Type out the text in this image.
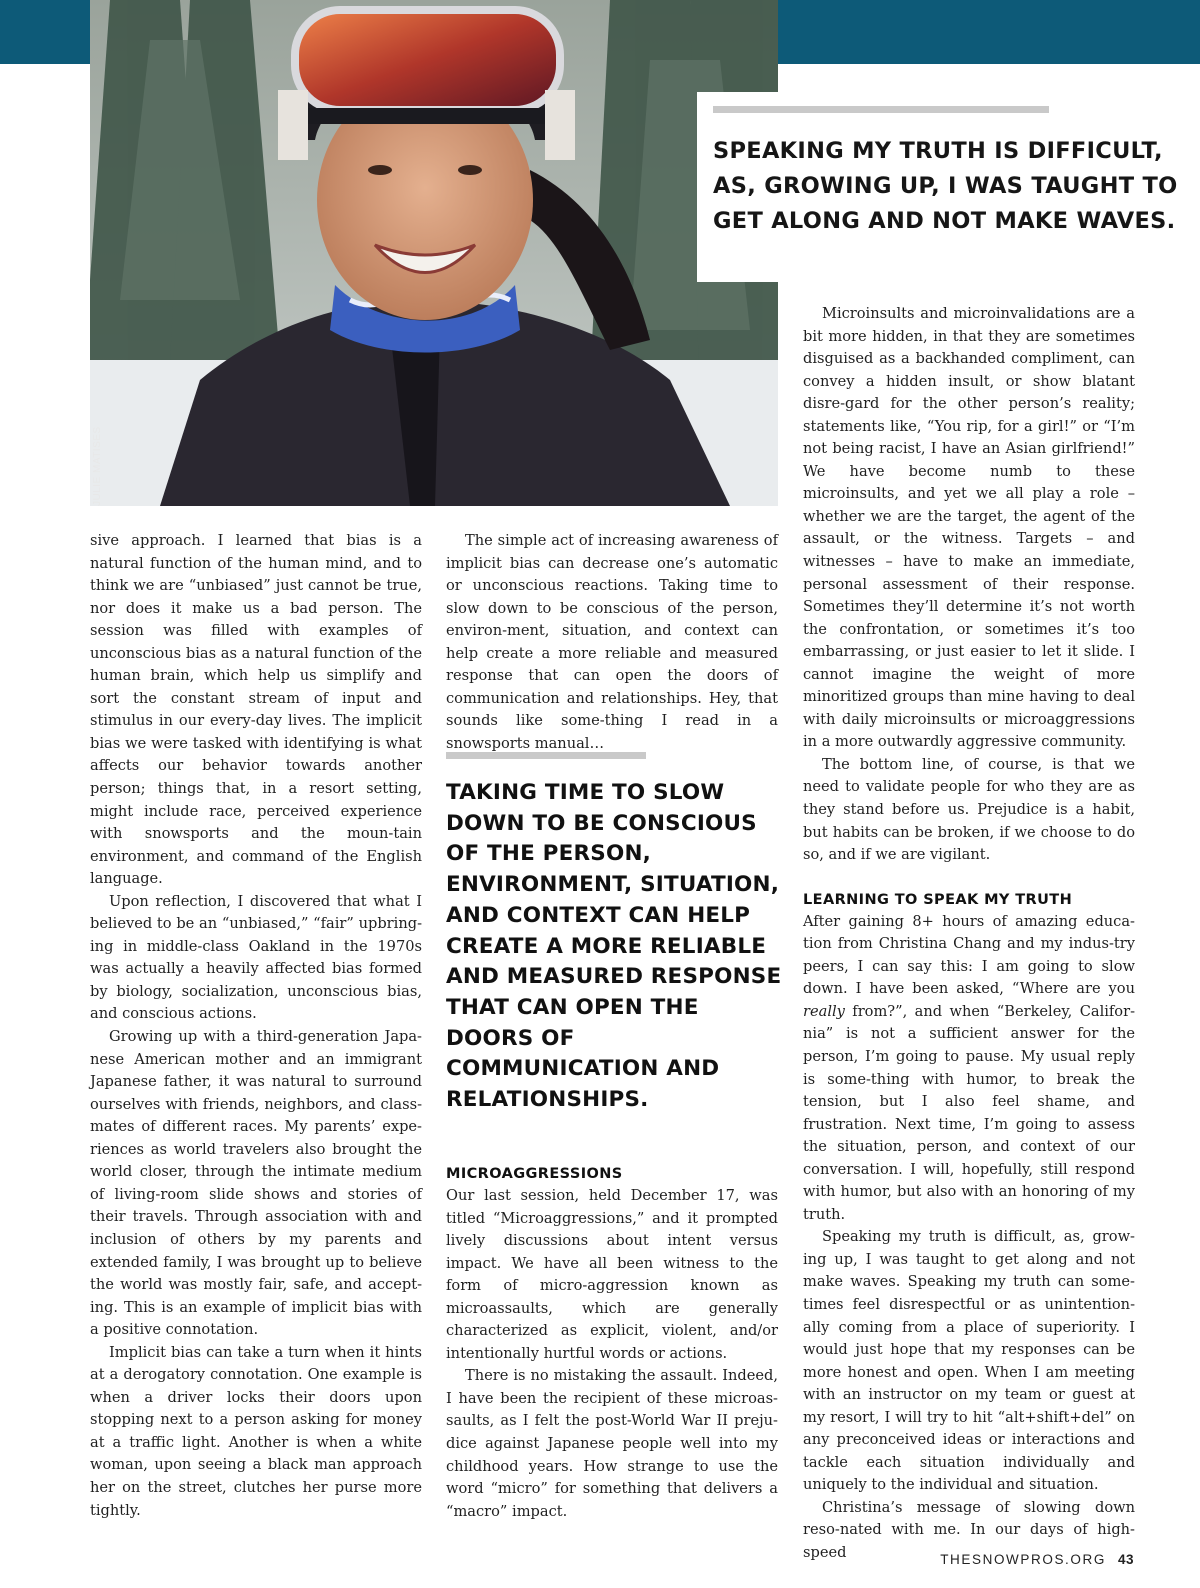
JULIE MATISES
SPEAKING MY TRUTH IS DIFFICULT, AS, GROWING UP, I WAS TAUGHT TO GET ALONG AND NOT MAKE WAVES.

sive approach. I learned that bias is a natural function of the human mind, and to think we are “unbiased” just cannot be true, nor does it make us a bad person. The session was filled with examples of unconscious bias as a natural function of the human brain, which help us simplify and sort the constant stream of input and stimulus in our every-day lives. The implicit bias we were tasked with identifying is what affects our behavior towards another person; things that, in a resort setting, might include race, perceived experience with snowsports and the moun-tain environment, and command of the English language.

Upon reflection, I discovered that what I believed to be an “unbiased,” “fair” upbring-ing in middle-class Oakland in the 1970s was actually a heavily affected bias formed by biology, socialization, unconscious bias, and conscious actions.

Growing up with a third-generation Japa-nese American mother and an immigrant Japanese father, it was natural to surround ourselves with friends, neighbors, and class-mates of different races. My parents’ expe-riences as world travelers also brought the world closer, through the intimate medium of living-room slide shows and stories of their travels. Through association with and inclusion of others by my parents and extended family, I was brought up to believe the world was mostly fair, safe, and accept-ing. This is an example of implicit bias with a positive connotation.

Implicit bias can take a turn when it hints at a derogatory connotation. One example is when a driver locks their doors upon stopping next to a person asking for money at a traffic light. Another is when a white woman, upon seeing a black man approach her on the street, clutches her purse more tightly.

The simple act of increasing awareness of implicit bias can decrease one’s automatic or unconscious reactions. Taking time to slow down to be conscious of the person, environ-ment, situation, and context can help create a more reliable and measured response that can open the doors of communication and relationships. Hey, that sounds like some-thing I read in a snowsports manual…

MICROAGGRESSIONS

Our last session, held December 17, was titled “Microaggressions,” and it prompted lively discussions about intent versus impact. We have all been witness to the form of micro-aggression known as microassaults, which are generally characterized as explicit, violent, and/or intentionally hurtful words or actions.

There is no mistaking the assault. Indeed, I have been the recipient of these microas-saults, as I felt the post-World War II preju-dice against Japanese people well into my childhood years. How strange to use the word “micro” for something that delivers a “macro” impact.

TAKING TIME TO SLOW DOWN TO BE CONSCIOUS OF THE PERSON, ENVIRONMENT, SITUATION, AND CONTEXT CAN HELP CREATE A MORE RELIABLE AND MEASURED RESPONSE THAT CAN OPEN THE DOORS OF COMMUNICATION AND RELATIONSHIPS.

Microinsults and microinvalidations are a bit more hidden, in that they are sometimes disguised as a backhanded compliment, can convey a hidden insult, or show blatant disre-gard for the other person’s reality; statements like, “You rip, for a girl!” or “I’m not being racist, I have an Asian girlfriend!” We have become numb to these microinsults, and yet we all play a role – whether we are the target, the agent of the assault, or the witness. Targets – and witnesses – have to make an immediate, personal assessment of their response. Sometimes they’ll determine it’s not worth the confrontation, or sometimes it’s too embarrassing, or just easier to let it slide. I cannot imagine the weight of more minoritized groups than mine having to deal with daily microinsults or microaggressions in a more outwardly aggressive community.

The bottom line, of course, is that we need to validate people for who they are as they stand before us. Prejudice is a habit, but habits can be broken, if we choose to do so, and if we are vigilant.

LEARNING TO SPEAK MY TRUTH

After gaining 8+ hours of amazing educa-tion from Christina Chang and my indus-try peers, I can say this: I am going to slow down. I have been asked, “Where are you really from?”, and when “Berkeley, Califor-nia” is not a sufficient answer for the person, I’m going to pause. My usual reply is some-thing with humor, to break the tension, but I also feel shame, and frustration. Next time, I’m going to assess the situation, person, and context of our conversation. I will, hopefully, still respond with humor, but also with an honoring of my truth.

Speaking my truth is difficult, as, grow-ing up, I was taught to get along and not make waves. Speaking my truth can some-times feel disrespectful or as unintention-ally coming from a place of superiority. I would just hope that my responses can be more honest and open. When I am meeting with an instructor on my team or guest at my resort, I will try to hit “alt+shift+del” on any preconceived ideas or interactions and tackle each situation individually and uniquely to the individual and situation.

Christina’s message of slowing down reso-nated with me. In our days of high-speed	THESNOWPROS.ORG 43
